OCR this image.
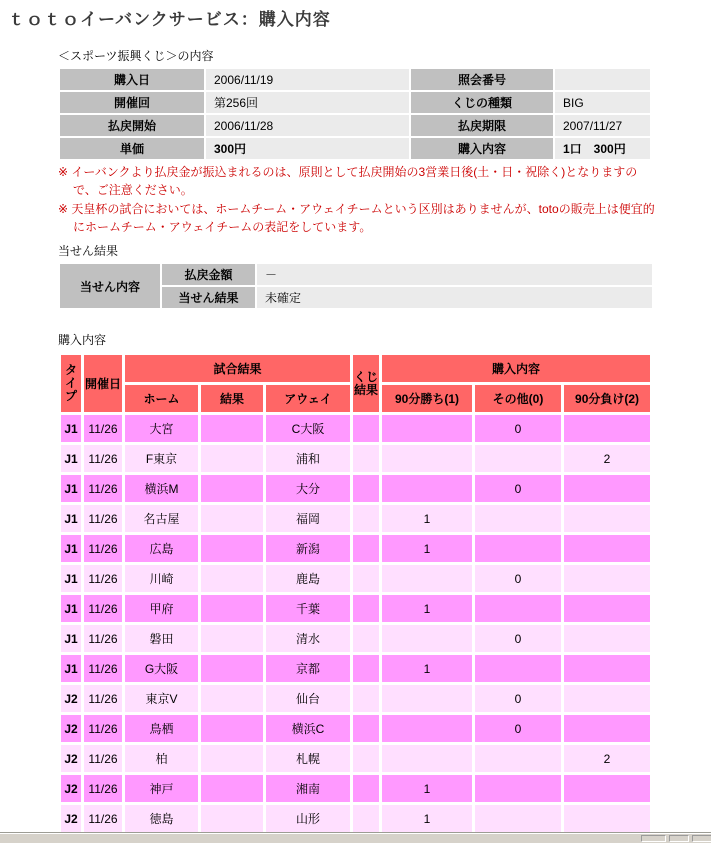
ｔｏｔｏイーバンクサービス：購入内容
＜スポーツ振興くじ＞の内容
購入日	2006/11/19	照会番号	
開催回	第256回	くじの種類	BIG
払戻開始	2006/11/28	払戻期限	2007/11/27
単価	300円	購入内容	1口　300円

※ イーバンクより払戻金が振込まれるのは、原則として払戻開始の3営業日後(土・日・祝除く)となりますので、ご注意ください。

※ 天皇杯の試合においては、ホームチーム・アウェイチームという区別はありませんが、totoの販売上は便宜的にホームチーム・アウェイチームの表記をしています。

当せん結果
当せん内容	払戻金額	－
	当せん結果	未確定
購入内容
タイプ	開催日	試合結果			くじ結果	購入内容		
		ホーム	結果	アウェイ		90分勝ち(1)	その他(0)	90分負け(2)
J1	11/26	大宮		C大阪			0	
J1	11/26	F東京		浦和				2
J1	11/26	横浜M		大分			0	
J1	11/26	名古屋		福岡		1		
J1	11/26	広島		新潟		1		
J1	11/26	川崎		鹿島			0	
J1	11/26	甲府		千葉		1		
J1	11/26	磐田		清水			0	
J1	11/26	G大阪		京都		1		
J2	11/26	東京V		仙台			0	
J2	11/26	鳥栖		横浜C			0	
J2	11/26	柏		札幌				2
J2	11/26	神戸		湘南		1		
J2	11/26	徳島		山形		1		
